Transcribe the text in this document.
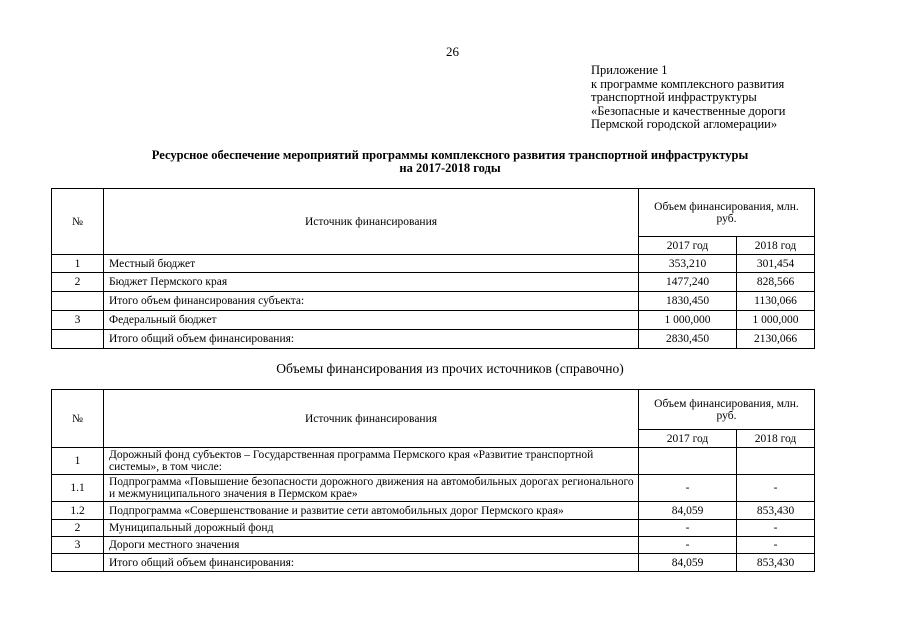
26
Приложение 1
к программе комплексного развития
транспортной инфраструктуры
«Безопасные и качественные дороги
Пермской городской агломерации»
Ресурсное обеспечение мероприятий программы комплексного развития транспортной инфраструктуры
на 2017-2018 годы
№	Источник финансирования	Объем финансирования, млн. руб.	
		2017 год	2018 год
1	Местный бюджет	353,210	301,454
2	Бюджет Пермского края	1477,240	828,566
	Итого объем финансирования субъекта:	1830,450	1130,066
3	Федеральный бюджет	1 000,000	1 000,000
	Итого общий объем финансирования:	2830,450	2130,066
Объемы финансирования из прочих источников (справочно)
№	Источник финансирования	Объем финансирования, млн. руб.	
		2017 год	2018 год
1	Дорожный фонд субъектов – Государственная программа Пермского края «Развитие транспортной системы», в том числе:		
1.1	Подпрограмма «Повышение безопасности дорожного движения на автомобильных дорогах регионального и межмуниципального значения в Пермском крае»	-	-
1.2	Подпрограмма «Совершенствование и развитие сети автомобильных дорог Пермского края»	84,059	853,430
2	Муниципальный дорожный фонд	-	-
3	Дороги местного значения	-	-
	Итого общий объем финансирования:	84,059	853,430
